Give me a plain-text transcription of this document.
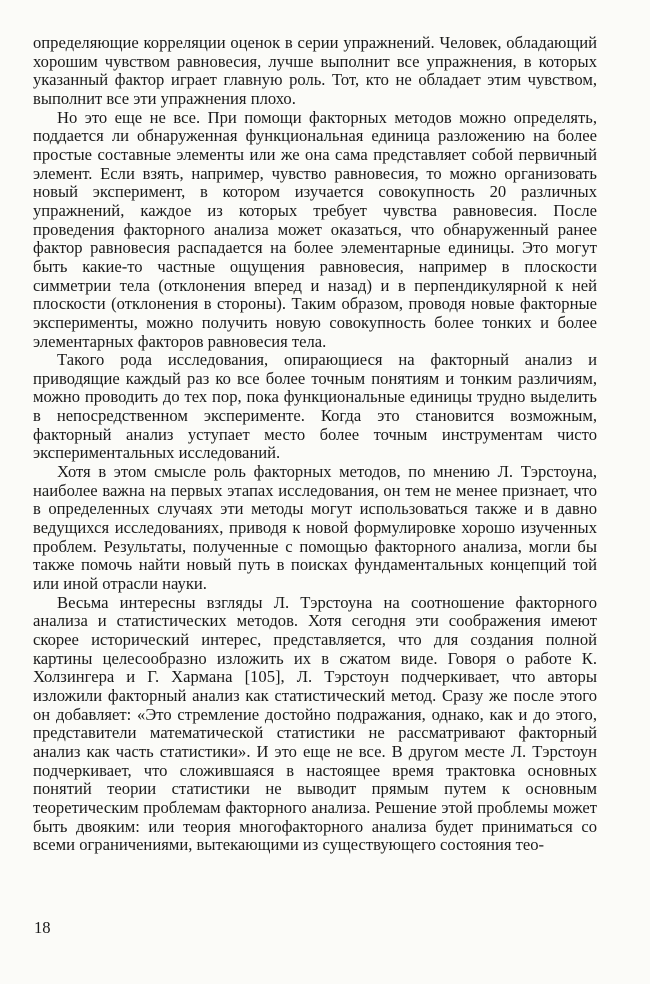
определяющие корреляции оценок в серии упражнений. Человек, обладающий хорошим чувством равновесия, лучше выполнит все упражнения, в которых указанный фактор играет главную роль. Тот, кто не обладает этим чувством, выполнит все эти упражнения плохо.

Но это еще не все. При помощи факторных методов можно определять, поддается ли обнаруженная функциональная единица разложению на более простые составные элементы или же она сама представляет собой первичный элемент. Если взять, например, чувство равновесия, то можно организовать новый эксперимент, в котором изучается совокупность 20 различных упражнений, каждое из которых требует чувства равновесия. После проведения факторного анализа может оказаться, что обнаруженный ранее фактор равновесия распадается на более элементарные единицы. Это могут быть какие-то частные ощущения равновесия, например в плоскости симметрии тела (отклонения вперед и назад) и в перпендикулярной к ней плоскости (отклонения в стороны). Таким образом, проводя новые факторные эксперименты, можно получить новую совокупность более тонких и более элементарных факторов равновесия тела.

Такого рода исследования, опирающиеся на факторный анализ и приводящие каждый раз ко все более точным понятиям и тонким различиям, можно проводить до тех пор, пока функциональные единицы трудно выделить в непосредственном эксперименте. Когда это становится возможным, факторный анализ уступает место более точным инструментам чисто экспериментальных исследований.

Хотя в этом смысле роль факторных методов, по мнению Л. Тэрстоуна, наиболее важна на первых этапах исследования, он тем не менее признает, что в определенных случаях эти методы могут использоваться также и в давно ведущихся исследованиях, приводя к новой формулировке хорошо изученных проблем. Результаты, полученные с помощью факторного анализа, могли бы также помочь найти новый путь в поисках фундаментальных концепций той или иной отрасли науки.

Весьма интересны взгляды Л. Тэрстоуна на соотношение факторного анализа и статистических методов. Хотя сегодня эти соображения имеют скорее исторический интерес, представляется, что для создания полной картины целесообразно изложить их в сжатом виде. Говоря о работе К. Холзингера и Г. Хармана [105], Л. Тэрстоун подчеркивает, что авторы изложили факторный анализ как статистический метод. Сразу же после этого он добавляет: «Это стремление достойно подражания, однако, как и до этого, представители математической статистики не рассматривают факторный анализ как часть статистики». И это еще не все. В другом месте Л. Тэрстоун подчеркивает, что сложившаяся в настоящее время трактовка основных понятий теории статистики не выводит прямым путем к основным теоретическим проблемам факторного анализа. Решение этой проблемы может быть двояким: или теория многофакторного анализа будет приниматься со всеми ограничениями, вытекающими из существующего состояния тео-

18
